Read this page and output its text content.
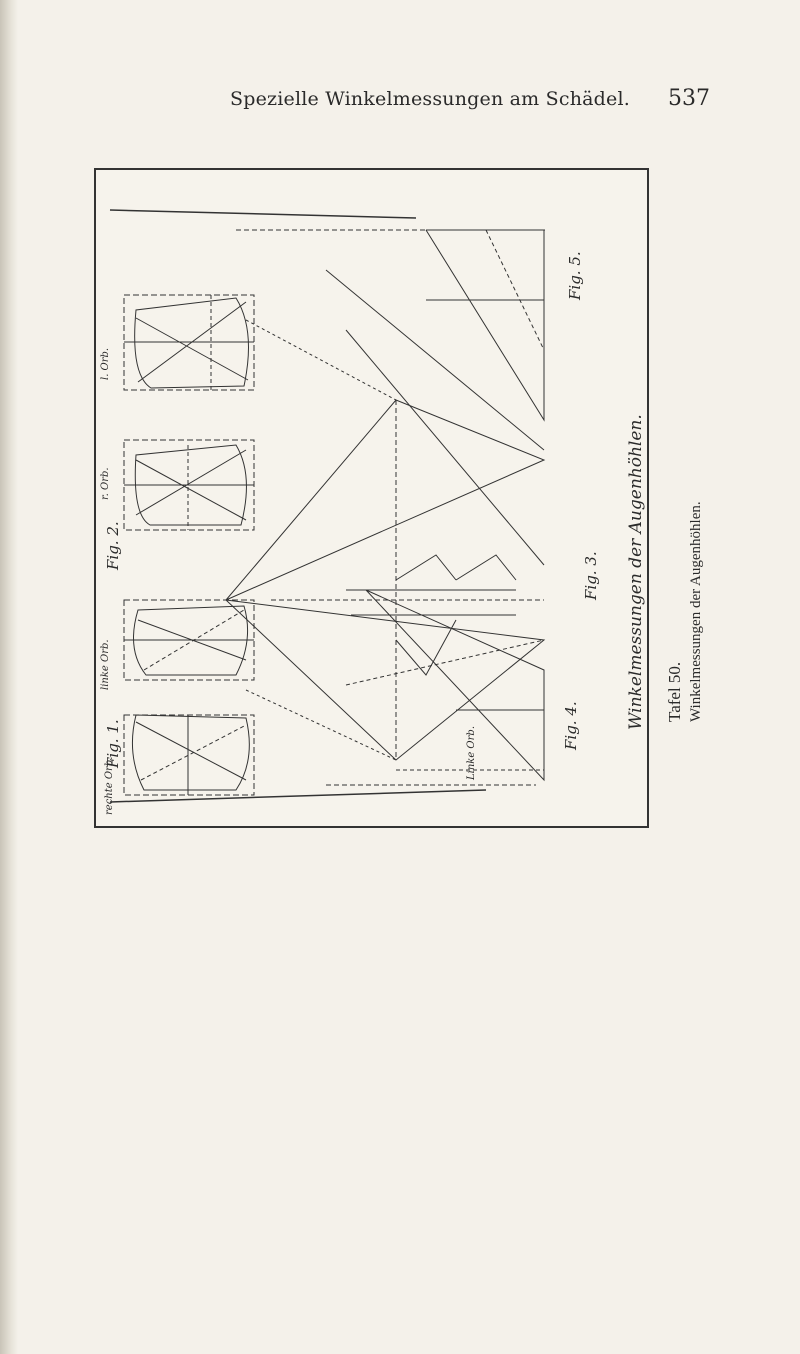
Spezielle Winkelmessungen am Schädel. 537
Fig. 1.
Fig. 2.
Fig. 3.
Fig. 4.
Fig. 5.
l. Orb.
r. Orb.
linke Orb.
rechte Orb.
Linke Orb.
Winkelmessungen der Augenhöhlen. Tafel 50. Winkelmessungen der Augenhöhlen.
